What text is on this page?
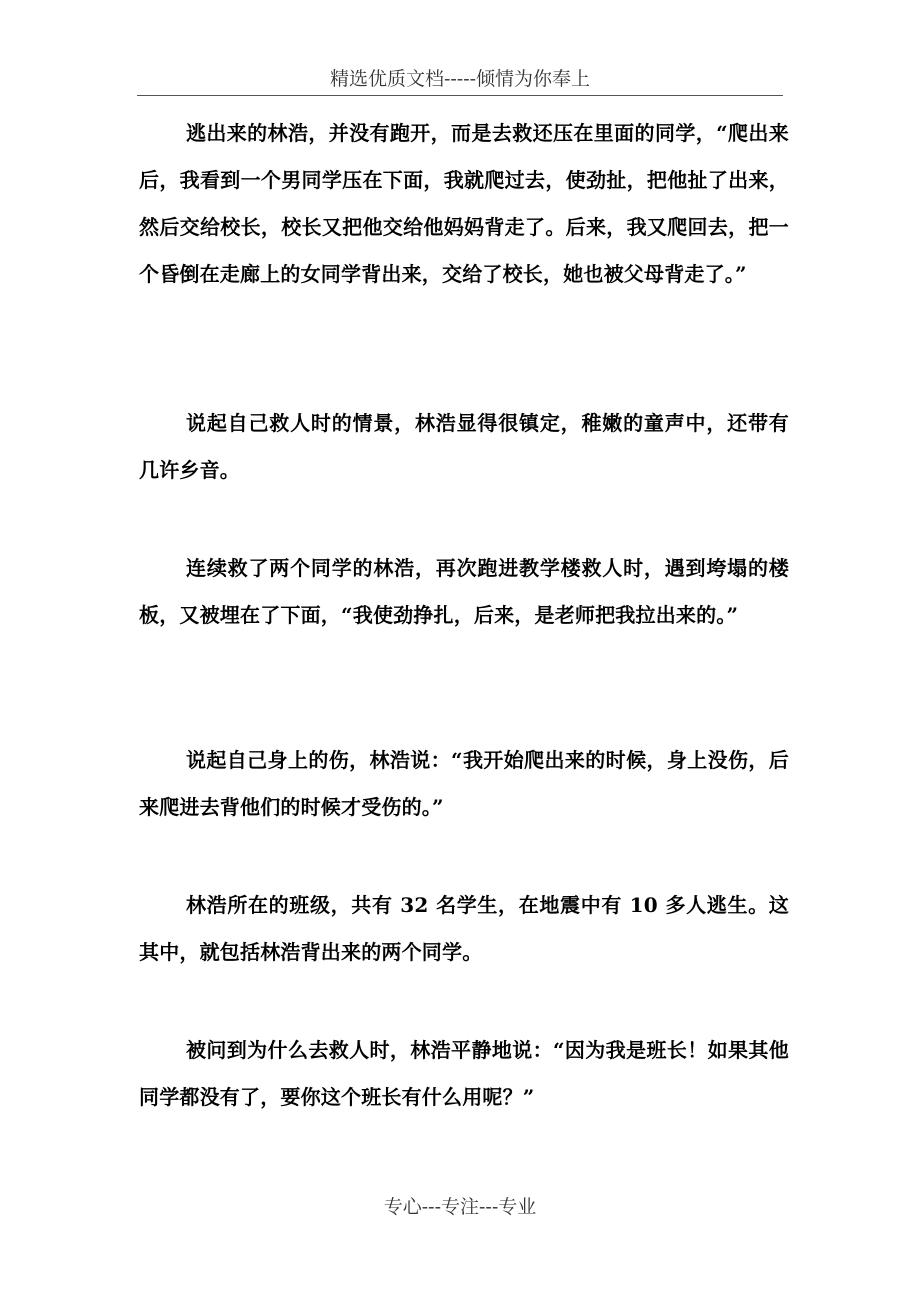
精选优质文档-----倾情为你奉上

逃出来的林浩，并没有跑开，而是去救还压在里面的同学，“爬出来后，我看到一个男同学压在下面，我就爬过去，使劲扯，把他扯了出来，然后交给校长，校长又把他交给他妈妈背走了。后来，我又爬回去，把一个昏倒在走廊上的女同学背出来，交给了校长，她也被父母背走了。”

说起自己救人时的情景，林浩显得很镇定，稚嫩的童声中，还带有几许乡音。

连续救了两个同学的林浩，再次跑进教学楼救人时，遇到垮塌的楼板，又被埋在了下面，“我使劲挣扎，后来，是老师把我拉出来的。”

说起自己身上的伤，林浩说：“我开始爬出来的时候，身上没伤，后来爬进去背他们的时候才受伤的。”

林浩所在的班级，共有 32 名学生，在地震中有 10 多人逃生。这其中，就包括林浩背出来的两个同学。

被问到为什么去救人时，林浩平静地说：“因为我是班长！如果其他同学都没有了，要你这个班长有什么用呢？”

专心---专注---专业
